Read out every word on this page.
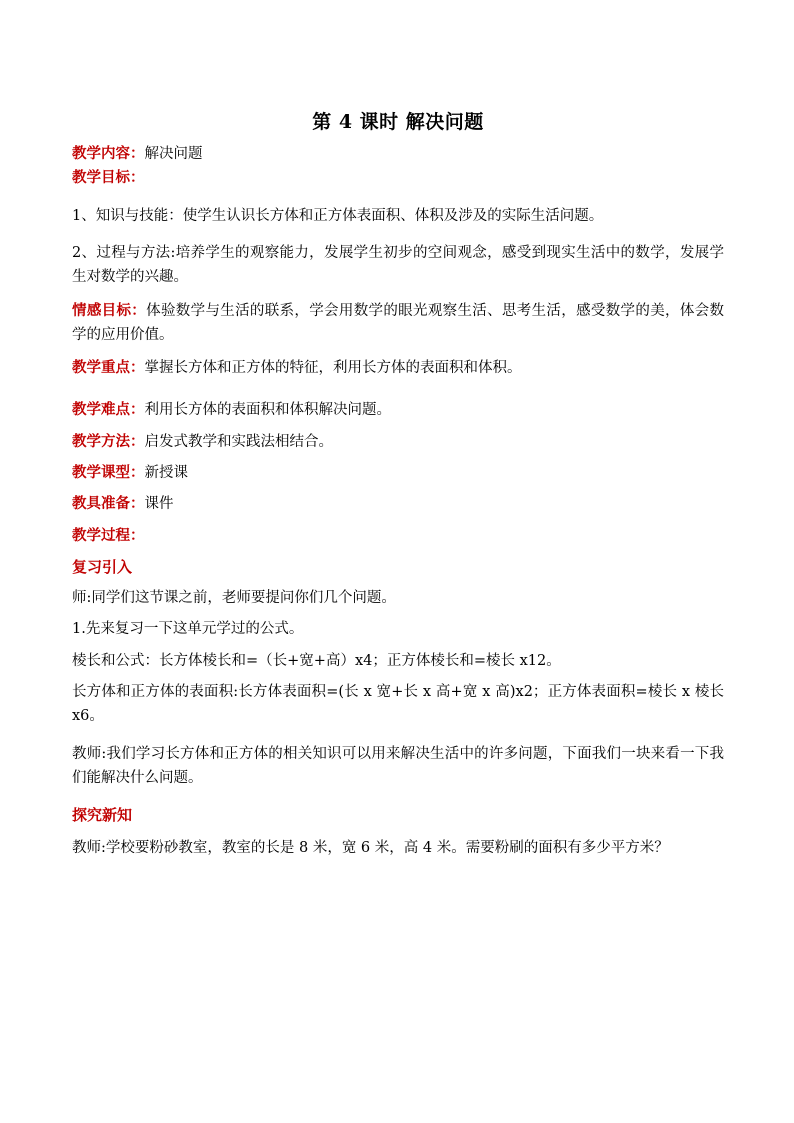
第 4 课时 解决问题
教学内容：解决问题
教学目标：
1、知识与技能：使学生认识长方体和正方体表面积、体积及涉及的实际生活问题。
2、过程与方法:培养学生的观察能力，发展学生初步的空间观念，感受到现实生活中的数学，发展学生对数学的兴趣。
情感目标：体验数学与生活的联系，学会用数学的眼光观察生活、思考生活，感受数学的美，体会数学的应用价值。
教学重点：掌握长方体和正方体的特征，利用长方体的表面积和体积。
教学难点：利用长方体的表面积和体积解决问题。
教学方法：启发式教学和实践法相结合。
教学课型：新授课
教具准备：课件
教学过程：
复习引入
师:同学们这节课之前，老师要提问你们几个问题。
1.先来复习一下这单元学过的公式。
棱长和公式：长方体棱长和=（长+宽+高）x4；正方体棱长和=棱长 x12。
长方体和正方体的表面积:长方体表面积=(长 x 宽+长 x 高+宽 x 高)x2；正方体表面积=棱长 x 棱长 x6。
教师:我们学习长方体和正方体的相关知识可以用来解决生活中的许多问题，下面我们一块来看一下我们能解决什么问题。
探究新知
教师:学校要粉砂教室，教室的长是 8 米，宽 6 米，高 4 米。需要粉刷的面积有多少平方米？
